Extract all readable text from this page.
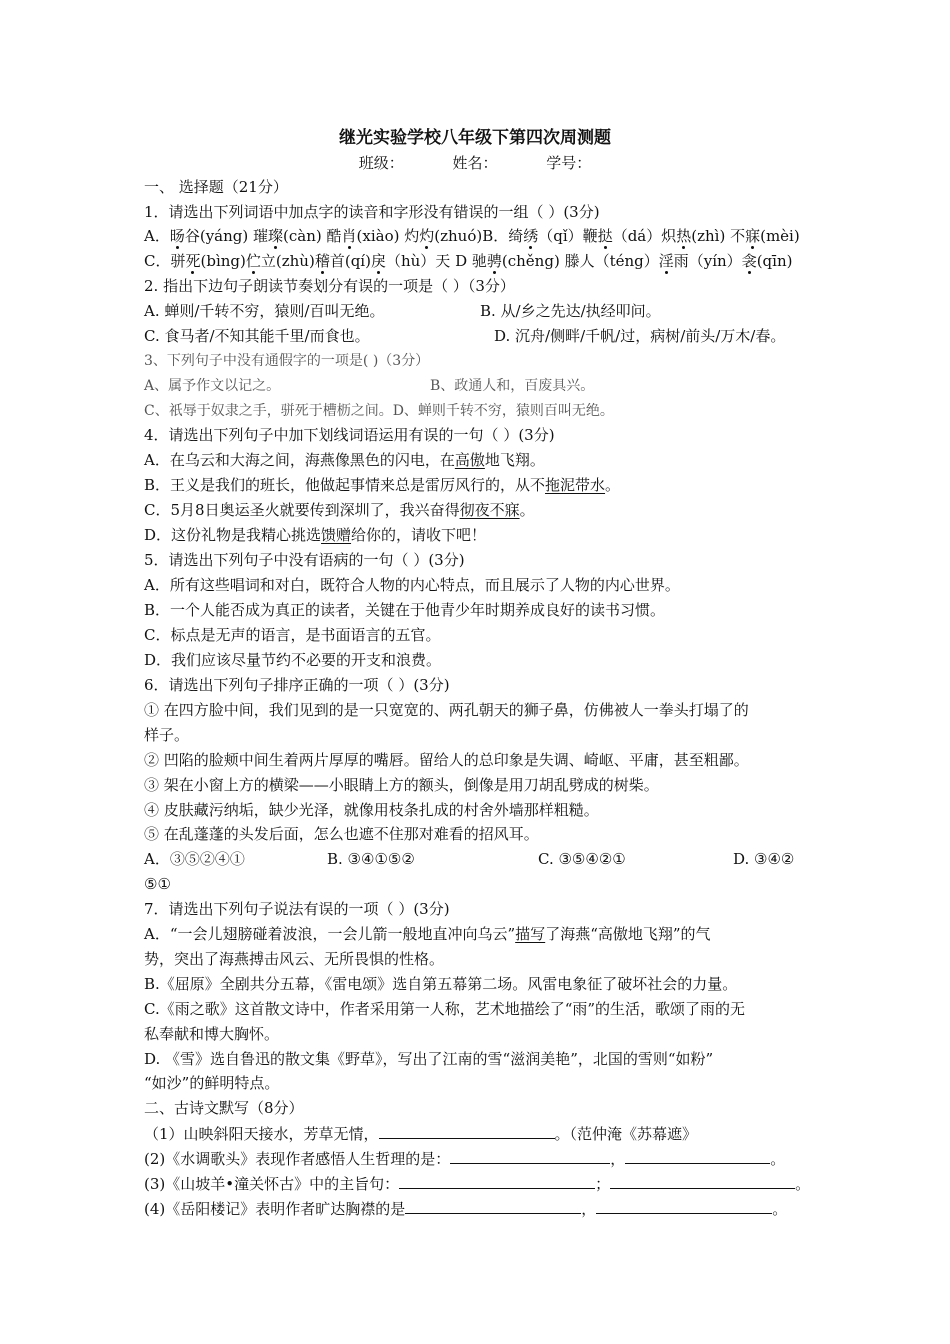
继光实验学校八年级下第四次周测题
班级：	姓名：	学号：
一、 选择题（21分）
1．请选出下列词语中加点字的读音和字形没有错误的一组（ ）(3分)
A．旸谷(yáng) 璀璨(càn) 酷肖(xiào) 灼灼(zhuó)B．绮绣（qǐ）鞭挞（dá）炽热(zhì) 不寐(mèi)
C．骈死(bìng)伫立(zhù)稽首(qí)戾（hù）天 D 驰骋(chěng) 滕人（téng）淫雨（yín）衾(qīn)
2. 指出下边句子朗读节奏划分有误的一项是（ ）（3分）
A. 蝉则/千转不穷，猿则/百叫无绝。	B. 从/乡之先达/执经叩问。
C. 食马者/不知其能千里/而食也。	D. 沉舟/侧畔/千帆/过，病树/前头/万木/春。
3、下列句子中没有通假字的一项是( )（3分）
A、属予作文以记之。	B、政通人和，百废具兴。
C、祇辱于奴隶之手，骈死于槽枥之间。D、蝉则千转不穷，猿则百叫无绝。
4．请选出下列句子中加下划线词语运用有误的一句（ ）(3分)
A．在乌云和大海之间，海燕像黑色的闪电，在高傲地飞翔。
B．王义是我们的班长，他做起事情来总是雷厉风行的，从不拖泥带水。
C．5月8日奥运圣火就要传到深圳了，我兴奋得彻夜不寐。
D．这份礼物是我精心挑选馈赠给你的，请收下吧！
5．请选出下列句子中没有语病的一句（ ）(3分)
A．所有这些唱词和对白，既符合人物的内心特点，而且展示了人物的内心世界。
B．一个人能否成为真正的读者，关键在于他青少年时期养成良好的读书习惯。
C．标点是无声的语言，是书面语言的五官。
D．我们应该尽量节约不必要的开支和浪费。
6．请选出下列句子排序正确的一项（ ）(3分)
① 在四方脸中间，我们见到的是一只宽宽的、两孔朝天的狮子鼻，仿佛被人一拳头打塌了的
样子。
② 凹陷的脸颊中间生着两片厚厚的嘴唇。留给人的总印象是失调、崎岖、平庸，甚至粗鄙。
③ 架在小窗上方的横梁——小眼睛上方的额头，倒像是用刀胡乱劈成的树柴。
④ 皮肤藏污纳垢，缺少光泽，就像用枝条扎成的村舍外墙那样粗糙。
⑤ 在乱蓬蓬的头发后面，怎么也遮不住那对难看的招风耳。
A．③⑤②④①	B. ③④①⑤②	C. ③⑤④②①	D. ③④②
⑤①
7．请选出下列句子说法有误的一项（ ）(3分)
A．“一会儿翅膀碰着波浪，一会儿箭一般地直冲向乌云”描写了海燕“高傲地飞翔”的气
势，突出了海燕搏击风云、无所畏惧的性格。
B.《屈原》全剧共分五幕，《雷电颂》选自第五幕第二场。风雷电象征了破坏社会的力量。
C.《雨之歌》这首散文诗中，作者采用第一人称，艺术地描绘了“雨”的生活，歌颂了雨的无
私奉献和博大胸怀。
D. 《雪》选自鲁迅的散文集《野草》，写出了江南的雪“滋润美艳”，北国的雪则“如粉”
“如沙”的鲜明特点。
二、古诗文默写（8分）
（1）山映斜阳天接水，芳草无情，	。（范仲淹《苏幕遮》
(2)《水调歌头》表现作者感悟人生哲理的是：	，	。
(3)《山坡羊•潼关怀古》中的主旨句：	；	。
(4)《岳阳楼记》表明作者旷达胸襟的是	，	。
